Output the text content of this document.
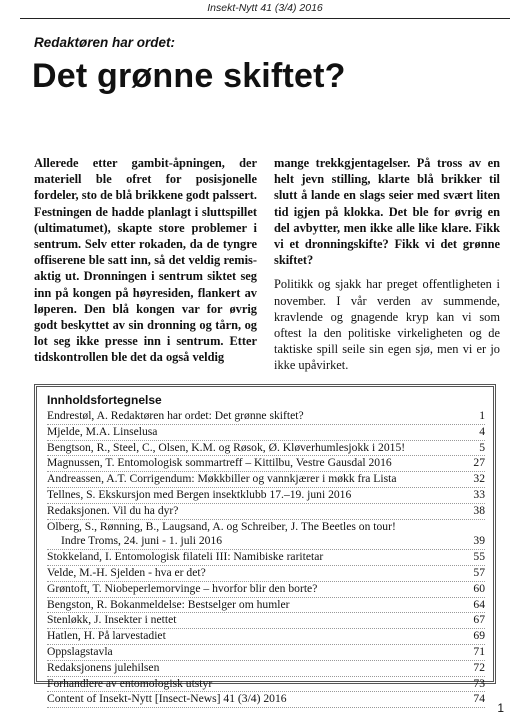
Insekt-Nytt 41 (3/4) 2016
Redaktøren har ordet:
Det grønne skiftet?

Allerede etter gambit-åpningen, der materiell ble ofret for posisjonelle fordeler, sto de blå brikkene godt palssert. Festningen de hadde planlagt i sluttspillet (ultimatumet), skapte store problemer i sentrum. Selv etter rokaden, da de tyngre offiserene ble satt inn, så det veldig remis-aktig ut. Dronningen i sentrum siktet seg inn på kongen på høyresiden, flankert av løperen. Den blå kongen var for øvrig godt beskyttet av sin dronning og tårn, og lot seg ikke presse inn i sentrum. Etter tidskontrollen ble det da også veldig

mange trekkgjentagelser. På tross av en helt jevn stilling, klarte blå brikker til slutt å lande en slags seier med svært liten tid igjen på klokka. Det ble for øvrig en del avbytter, men ikke alle like klare. Fikk vi et dronningskifte? Fikk vi det grønne skiftet?

Politikk og sjakk har preget offentligheten i november. I vår verden av summende, kravlende og gnagende kryp kan vi som oftest la den politiske virkeligheten og de taktiske spill seile sin egen sjø, men vi er jo ikke upåvirket.

Innholdsfortegnelse
Endrestøl, A. Redaktøren har ordet: Det grønne skiftet?	1
Mjelde, M.A. Linselusa	4
Bengtson, R., Steel, C., Olsen, K.M. og Røsok, Ø. Kløverhumlesjokk i 2015!	5
Magnussen, T. Entomologisk sommartreff – Kittilbu, Vestre Gausdal 2016	27
Andreassen, A.T. Corrigendum: Møkkbiller og vannkjærer i møkk fra Lista	32
Tellnes, S. Ekskursjon med Bergen insektklubb 17.–19. juni 2016	33
Redaksjonen. Vil du ha dyr?	38
Olberg, S., Rønning, B., Laugsand, A. og Schreiber, J. The Beetles on tour!
Indre Troms, 24. juni - 1. juli 2016	39
Stokkeland, I. Entomologisk filateli III: Namibiske raritetar	55
Velde, M.-H. Sjelden - hva er det?	57
Grøntoft, T. Niobeperlemorvinge – hvorfor blir den borte?	60
Bengston, R. Bokanmeldelse: Bestselger om humler	64
Stenløkk, J. Insekter i nettet	67
Hatlen, H. På larvestadiet	69
Oppslagstavla	71
Redaksjonens julehilsen	72
Forhandlere av entomologisk utstyr	73
Content of Insekt-Nytt [Insect-News] 41 (3/4) 2016	74
1
